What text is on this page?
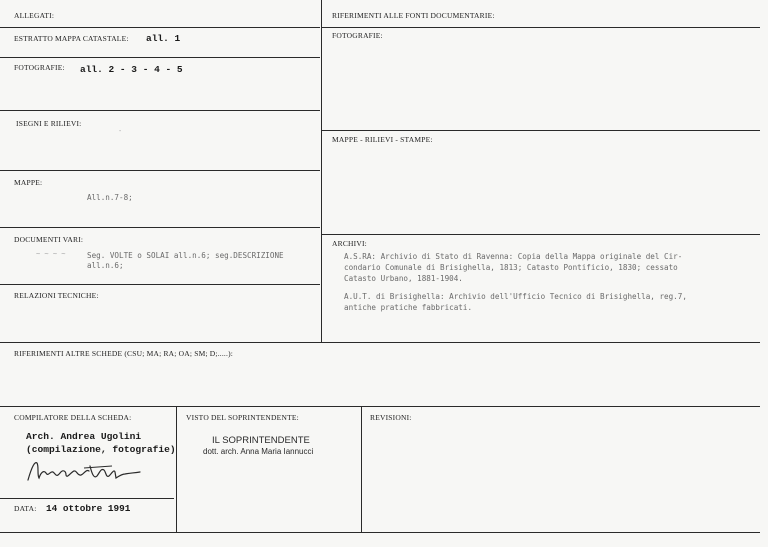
ALLEGATI:
ESTRATTO MAPPA CATASTALE: all. 1
FOTOGRAFIE: all. 2 - 3 - 4 - 5
ISEGNI E RILIEVI:
-
MAPPE:
All.n.7-8;
DOCUMENTI VARI:
~ ~ ~ ~	Seg. VOLTE o SOLAI all.n.6; seg.DESCRIZIONE
all.n.6;
RELAZIONI TECNICHE:
RIFERIMENTI ALLE FONTI DOCUMENTARIE:
FOTOGRAFIE:
MAPPE - RILIEVI - STAMPE:
ARCHIVI:
A.S.RA: Archivio di Stato di Ravenna: Copia della Mappa originale del Cir-
condario Comunale di Brisighella, 1813; Catasto Pontificio, 1830; cessato
Catasto Urbano, 1881-1904.
A.U.T. di Brisighella: Archivio dell'Ufficio Tecnico di Brisighella, reg.7,
antiche pratiche fabbricati.
RIFERIMENTI ALTRE SCHEDE (CSU; MA; RA; OA; SM; D;.....):
COMPILATORE DELLA SCHEDA:
Arch. Andrea Ugolini
(compilazione, fotografie)
DATA: 14 ottobre 1991
VISTO DEL SOPRINTENDENTE:
IL SOPRINTENDENTE
dott. arch. Anna Maria Iannucci
REVISIONI:
